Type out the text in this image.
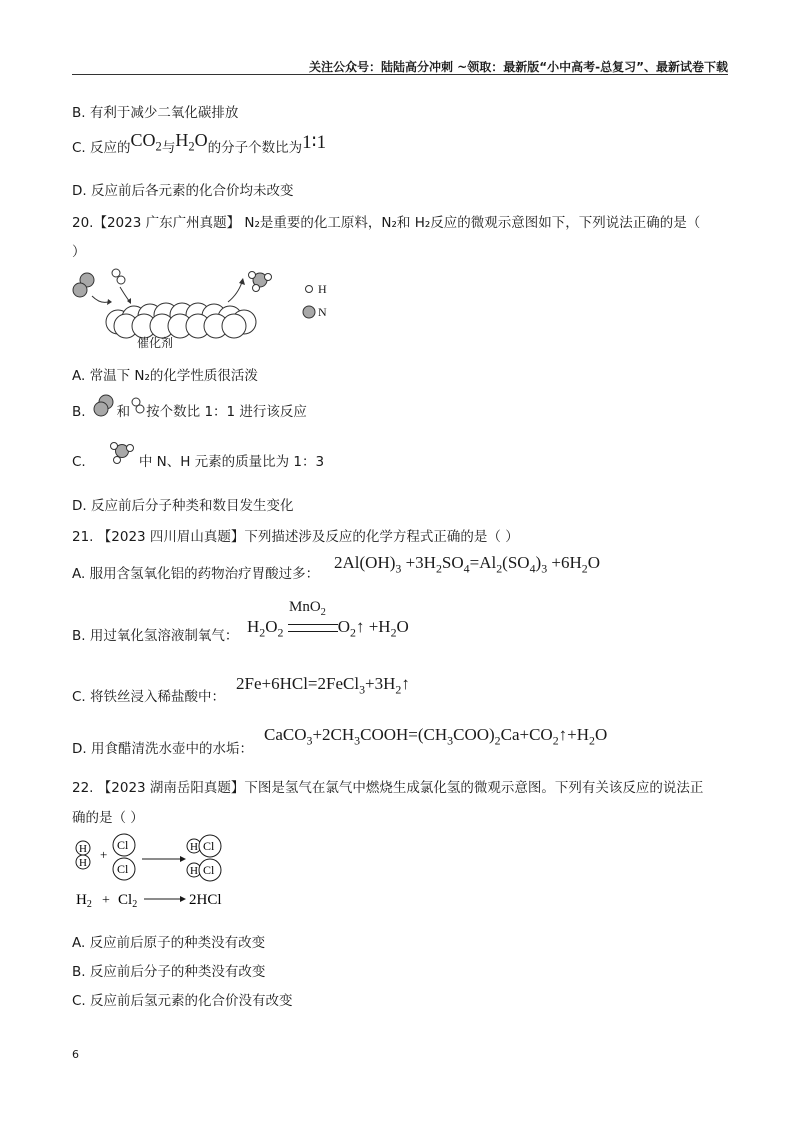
关注公众号：陆陆高分冲刺 ~领取：最新版“小中高考-总复习”、最新试卷下载
B. 有利于减少二氧化碳排放
C. 反应的$CO_2$与$H_2O$的分子个数比为1∶1
D. 反应前后各元素的化合价均未改变
20.【2023 广东广州真题】 N₂是重要的化工原料，N₂和 H₂反应的微观示意图如下，下列说法正确的是（
）
H
N
催化剂
A. 常温下 N₂的化学性质很活泼
B. 和 按个数比 1：1 进行该反应
C.	中 N、H 元素的质量比为 1：3
D. 反应前后分子种类和数目发生变化
21. 【2023 四川眉山真题】下列描述涉及反应的化学方程式正确的是（ ）
A. 服用含氢氧化铝的药物治疗胃酸过多：
$2Al(OH)_3 +3H_2SO_4=Al_2(SO_4)_3 +6H_2O$
B. 用过氧化氢溶液制氧气：
MnO$_2$
$H_2O_2$	$O_2↑ +H_2O$
C. 将铁丝浸入稀盐酸中：
$2Fe+6HCl=2FeCl_3+3H_2↑$
D. 用食醋清洗水壶中的水垢：
$CaCO_3+2CH_3COOH=(CH_3COO)_2Ca+CO_2↑+H_2O$
22. 【2023 湖南岳阳真题】下图是氢气在氯气中燃烧生成氯化氢的微观示意图。下列有关该反应的说法正
确的是（ ）
H
H
+
Cl
Cl
H Cl
H Cl
$H_2 + Cl_2$	2HCl
A. 反应前后原子的种类没有改变
B. 反应前后分子的种类没有改变
C. 反应前后氢元素的化合价没有改变
6
